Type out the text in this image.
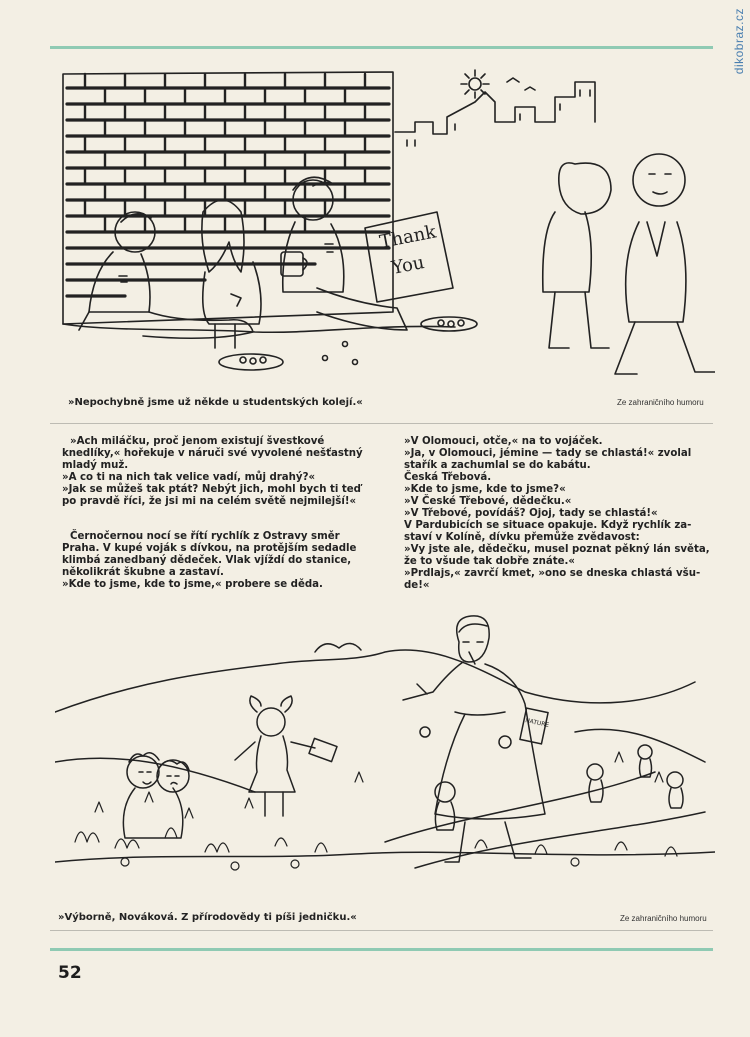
dikobraz.cz
Thank
You
»Nepochybně jsme už někde u studentských kolejí.«	Ze zahraničního humoru
»Ach miláčku, proč jenom existují švestkové
knedlíky,« hořekuje v náruči své vyvolené nešťastný
mladý muž.
»A co ti na nich tak velice vadí, můj drahý?«
»Jak se můžeš tak ptát? Nebýt jich, mohl bych ti teď
po pravdě říci, že jsi mi na celém světě nejmilejší!«
Černočernou nocí se řítí rychlík z Ostravy směr
Praha. V kupé voják s dívkou, na protějším sedadle
klimbá zanedbaný dědeček. Vlak vjíždí do stanice,
několikrát škubne a zastaví.
»Kde to jsme, kde to jsme,« probere se děda.
»V Olomouci, otče,« na to vojáček.
»Ja, v Olomouci, jémine — tady se chlastá!« zvolal
stařík a zachumlal se do kabátu.
Česká Třebová.
»Kde to jsme, kde to jsme?«
»V České Třebové, dědečku.«
»V Třebové, povídáš? Ojoj, tady se chlastá!«
V Pardubicích se situace opakuje. Když rychlík za-
staví v Kolíně, dívku přemůže zvědavost:
»Vy jste ale, dědečku, musel poznat pěkný lán světa,
že to všude tak dobře znáte.«
»Prdlajs,« zavrčí kmet, »ono se dneska chlastá všu-
de!«
NATURE
»Výborně, Nováková. Z přírodovědy ti píši jedničku.«	Ze zahraničního humoru
52
